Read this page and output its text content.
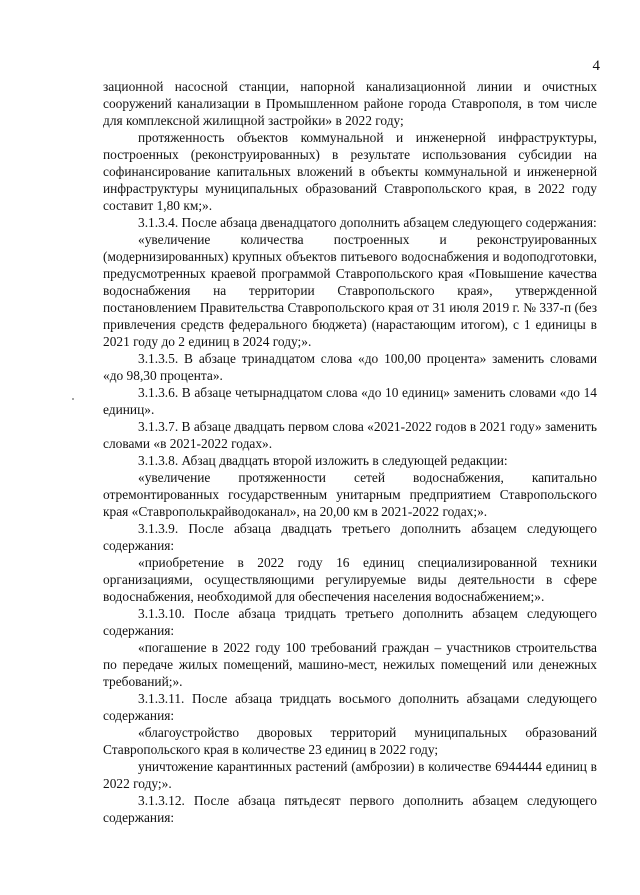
4

зационной насосной станции, напорной канализационной линии и очистных сооружений канализации в Промышленном районе города Ставрополя, в том числе для комплексной жилищной застройки» в 2022 году;

протяженность объектов коммунальной и инженерной инфраструктуры, построенных (реконструированных) в результате использования субсидии на софинансирование капитальных вложений в объекты коммунальной и инженерной инфраструктуры муниципальных образований Ставропольского края, в 2022 году составит 1,80 км;».

3.1.3.4. После абзаца двенадцатого дополнить абзацем следующего содержания:

«увеличение количества построенных и реконструированных (модернизированных) крупных объектов питьевого водоснабжения и водоподготовки, предусмотренных краевой программой Ставропольского края «Повышение качества водоснабжения на территории Ставропольского края», утвержденной постановлением Правительства Ставропольского края от 31 июля 2019 г. № 337-п (без привлечения средств федерального бюджета) (нарастающим итогом), с 1 единицы в 2021 году до 2 единиц в 2024 году;».

3.1.3.5. В абзаце тринадцатом слова «до 100,00 процента» заменить словами «до 98,30 процента».

3.1.3.6. В абзаце четырнадцатом слова «до 10 единиц» заменить словами «до 14 единиц».

3.1.3.7. В абзаце двадцать первом слова «2021-2022 годов в 2021 году» заменить словами «в 2021-2022 годах».

3.1.3.8. Абзац двадцать второй изложить в следующей редакции:

«увеличение протяженности сетей водоснабжения, капитально отремонтированных государственным унитарным предприятием Ставропольского края «Ставрополькрайводоканал», на 20,00 км в 2021-2022 годах;».

3.1.3.9. После абзаца двадцать третьего дополнить абзацем следующего содержания:

«приобретение в 2022 году 16 единиц специализированной техники организациями, осуществляющими регулируемые виды деятельности в сфере водоснабжения, необходимой для обеспечения населения водоснабжением;».

3.1.3.10. После абзаца тридцать третьего дополнить абзацем следующего содержания:

«погашение в 2022 году 100 требований граждан – участников строительства по передаче жилых помещений, машино-мест, нежилых помещений или денежных требований;».

3.1.3.11. После абзаца тридцать восьмого дополнить абзацами следующего содержания:

«благоустройство дворовых территорий муниципальных образований Ставропольского края в количестве 23 единиц в 2022 году;

уничтожение карантинных растений (амброзии) в количестве 6944444 единиц в 2022 году;».

3.1.3.12. После абзаца пятьдесят первого дополнить абзацем следующего содержания:
